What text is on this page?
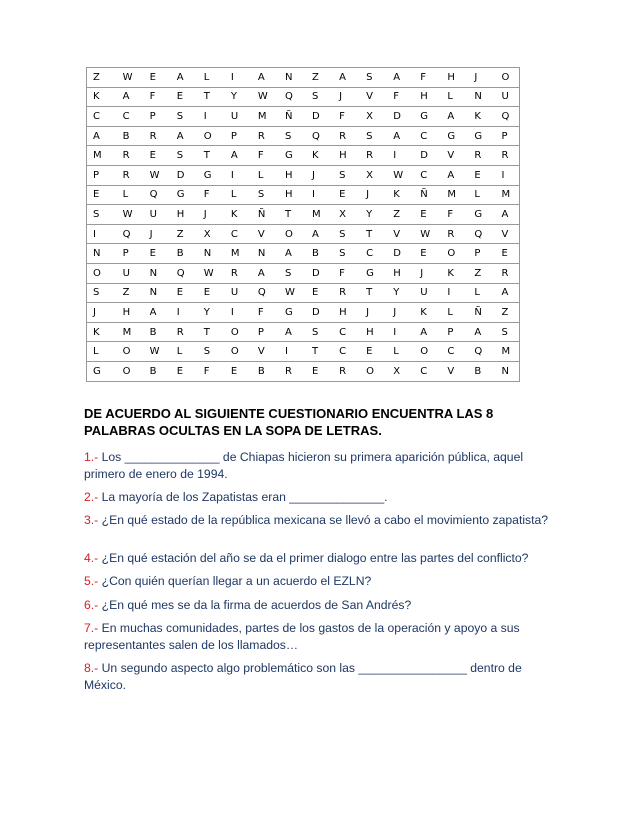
Z	W	E	A	L	I	A	N	Z	A	S	A	F	H	J	O
K	A	F	E	T	Y	W	Q	S	J	V	F	H	L	N	U
C	C	P	S	I	U	M	Ñ	D	F	X	D	G	A	K	Q
A	B	R	A	O	P	R	S	Q	R	S	A	C	G	G	P
M	R	E	S	T	A	F	G	K	H	R	I	D	V	R	R
P	R	W	D	G	I	L	H	J	S	X	W	C	A	E	I
E	L	Q	G	F	L	S	H	I	E	J	K	Ñ	M	L	M
S	W	U	H	J	K	Ñ	T	M	X	Y	Z	E	F	G	A
I	Q	J	Z	X	C	V	O	A	S	T	V	W	R	Q	V
N	P	E	B	N	M	N	A	B	S	C	D	E	O	P	E
O	U	N	Q	W	R	A	S	D	F	G	H	J	K	Z	R
S	Z	N	E	E	U	Q	W	E	R	T	Y	U	I	L	A
J	H	A	I	Y	I	F	G	D	H	J	J	K	L	Ñ	Z
K	M	B	R	T	O	P	A	S	C	H	I	A	P	A	S
L	O	W	L	S	O	V	I	T	C	E	L	O	C	Q	M
G	O	B	E	F	E	B	R	E	R	O	X	C	V	B	N

DE ACUERDO AL SIGUIENTE CUESTIONARIO ENCUENTRA LAS 8 PALABRAS OCULTAS EN LA SOPA DE LETRAS.

1.- Los ______________ de Chiapas hicieron su primera aparición pública, aquel primero de enero de 1994.

2.- La mayoría de los Zapatistas eran ______________.

3.- ¿En qué estado de la república mexicana se llevó a cabo el movimiento zapatista?

4.- ¿En qué estación del año se da el primer dialogo entre las partes del conflicto?

5.- ¿Con quién querían llegar a un acuerdo el EZLN?

6.- ¿En qué mes se da la firma de acuerdos de San Andrés?

7.- En muchas comunidades, partes de los gastos de la operación y apoyo a sus representantes salen de los llamados…

8.- Un segundo aspecto algo problemático son las ________________ dentro de México.
